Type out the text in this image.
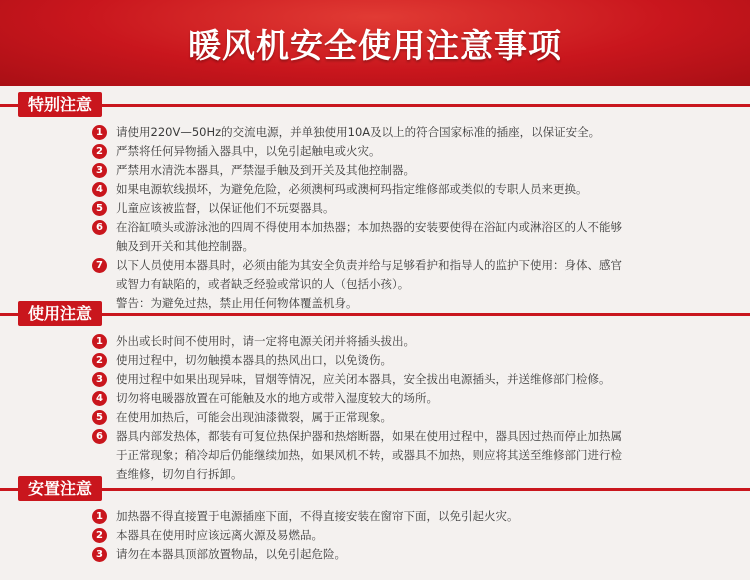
暖风机安全使用注意事项
特别注意
1	请使用220V—50Hz的交流电源，并单独使用10A及以上的符合国家标准的插座，以保证安全。
2	严禁将任何异物插入器具中，以免引起触电或火灾。
3	严禁用水清洗本器具，严禁湿手触及到开关及其他控制器。
4	如果电源软线损坏，为避免危险，必须澳柯玛或澳柯玛指定维修部或类似的专职人员来更换。
5	儿童应该被监督，以保证他们不玩耍器具。
6	在浴缸喷头或游泳池的四周不得使用本加热器；本加热器的安装要使得在浴缸内或淋浴区的人不能够
触及到开关和其他控制器。
7	以下人员使用本器具时，必须由能为其安全负责并给与足够看护和指导人的监护下使用：身体、感官
或智力有缺陷的，或者缺乏经验或常识的人（包括小孩）。
警告：为避免过热，禁止用任何物体覆盖机身。
使用注意
1	外出或长时间不使用时，请一定将电源关闭并将插头拔出。
2	使用过程中，切勿触摸本器具的热风出口，以免烫伤。
3	使用过程中如果出现异味，冒烟等情况，应关闭本器具，安全拔出电源插头，并送维修部门检修。
4	切勿将电暖器放置在可能触及水的地方或带入湿度较大的场所。
5	在使用加热后，可能会出现油漆微裂，属于正常现象。
6	器具内部发热体，都装有可复位热保护器和热熔断器，如果在使用过程中，器具因过热而停止加热属
于正常现象；稍冷却后仍能继续加热，如果风机不转，或器具不加热，则应将其送至维修部门进行检
查维修，切勿自行拆卸。
安置注意
1	加热器不得直接置于电源插座下面，不得直接安装在窗帘下面，以免引起火灾。
2	本器具在使用时应该远离火源及易燃品。
3	请勿在本器具顶部放置物品，以免引起危险。
